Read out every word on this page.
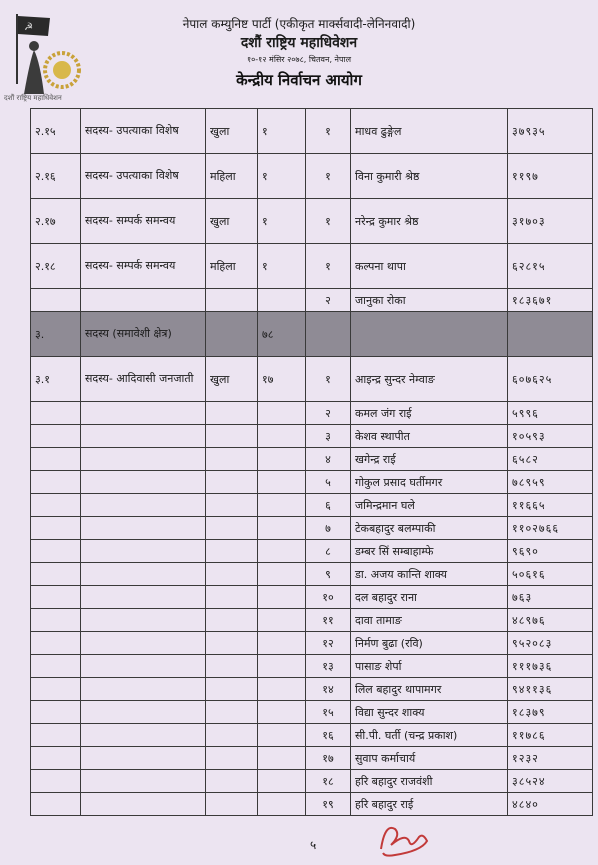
☭
दशौं राष्ट्रिय महाधिवेशन
नेपाल कम्युनिष्ट पार्टी (एकीकृत मार्क्सवादी-लेनिनवादी)
दशौं राष्ट्रिय महाधिवेशन
१०-१२ मंसिर २०७८, चितवन, नेपाल
केन्द्रीय निर्वाचन आयोग
२.१५	सदस्य- उपत्याका विशेष	खुला	१	१	माधव ढुङ्गेल	३७९३५
२.१६	सदस्य- उपत्याका विशेष	महिला	१	१	विना कुमारी श्रेष्ठ	११९७
२.१७	सदस्य- सम्पर्क समन्वय	खुला	१	१	नरेन्द्र कुमार श्रेष्ठ	३१७०३
२.१८	सदस्य- सम्पर्क समन्वय	महिला	१	१	कल्पना थापा	६२८१५
				२	जानुका रोका	१८३६७१
३.	सदस्य (समावेशी क्षेत्र)		७८			
३.१	सदस्य- आदिवासी जनजाती	खुला	१७	१	आइन्द्र सुन्दर नेम्वाङ	६०७६२५
				२	कमल जंग राई	५९९६
				३	केशव स्थापीत	१०५९३
				४	खगेन्द्र राई	६५८२
				५	गोकुल प्रसाद घर्तीमगर	७८९५९
				६	जमिन्द्रमान घले	११६६५
				७	टेकबहादुर बलम्पाकी	११०२७६६
				८	डम्बर सिं सम्बाहाम्फे	९६९०
				९	डा. अजय कान्ति शाक्य	५०६१६
				१०	दल बहादुर राना	७६३
				११	दावा तामाङ	४८९७६
				१२	निर्मण बुढा (रवि)	९५२०८३
				१३	पासाङ शेर्पा	१११७३६
				१४	लिल बहादुर थापामगर	९४११३६
				१५	विद्या सुन्दर शाक्य	१८३७९
				१६	सी.पी. घर्ती (चन्द्र प्रकाश)	११७८६
				१७	सुवाप कर्माचार्य	१२३२
				१८	हरि बहादुर राजवंशी	३८५२४
				१९	हरि बहादुर राई	४८४०
५
